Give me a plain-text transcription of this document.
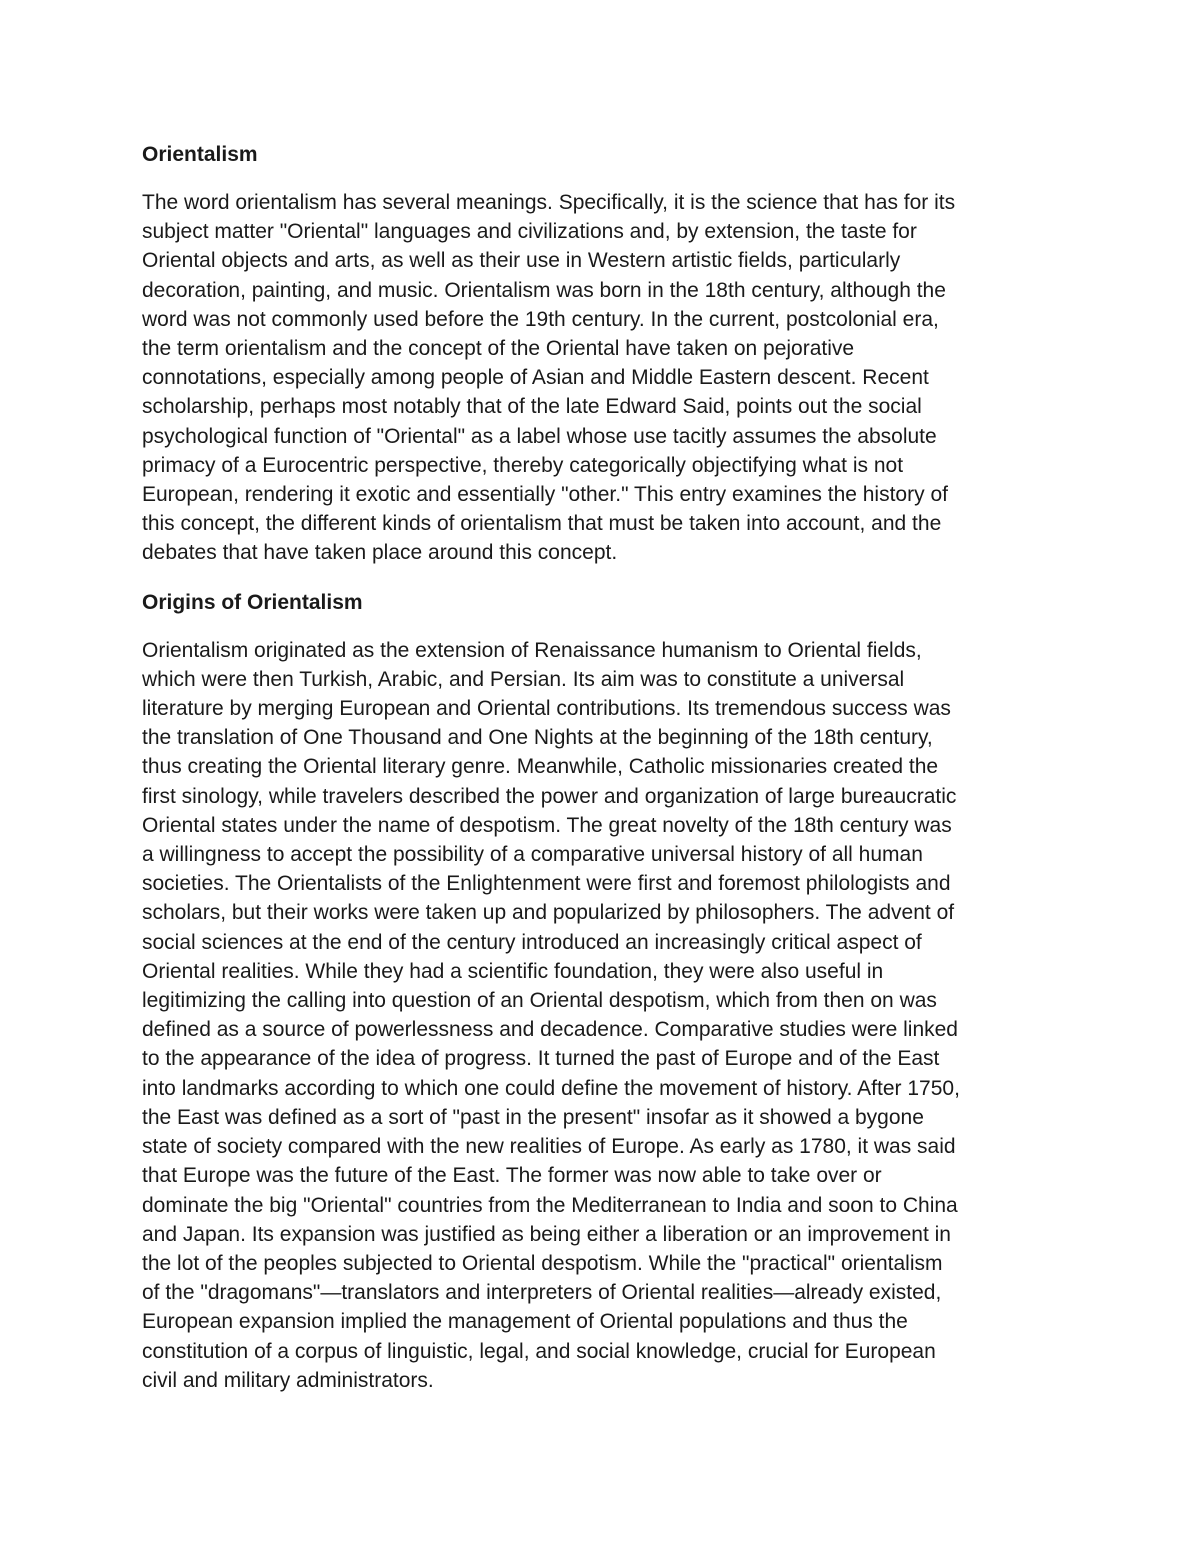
Orientalism

The word orientalism has several meanings. Specifically, it is the science that has for its
subject matter "Oriental" languages and civilizations and, by extension, the taste for
Oriental objects and arts, as well as their use in Western artistic fields, particularly
decoration, painting, and music. Orientalism was born in the 18th century, although the
word was not commonly used before the 19th century. In the current, postcolonial era,
the term orientalism and the concept of the Oriental have taken on pejorative
connotations, especially among people of Asian and Middle Eastern descent. Recent
scholarship, perhaps most notably that of the late Edward Said, points out the social
psychological function of "Oriental" as a label whose use tacitly assumes the absolute
primacy of a Eurocentric perspective, thereby categorically objectifying what is not
European, rendering it exotic and essentially "other." This entry examines the history of
this concept, the different kinds of orientalism that must be taken into account, and the
debates that have taken place around this concept.

Origins of Orientalism

Orientalism originated as the extension of Renaissance humanism to Oriental fields,
which were then Turkish, Arabic, and Persian. Its aim was to constitute a universal
literature by merging European and Oriental contributions. Its tremendous success was
the translation of One Thousand and One Nights at the beginning of the 18th century,
thus creating the Oriental literary genre. Meanwhile, Catholic missionaries created the
first sinology, while travelers described the power and organization of large bureaucratic
Oriental states under the name of despotism. The great novelty of the 18th century was
a willingness to accept the possibility of a comparative universal history of all human
societies. The Orientalists of the Enlightenment were first and foremost philologists and
scholars, but their works were taken up and popularized by philosophers. The advent of
social sciences at the end of the century introduced an increasingly critical aspect of
Oriental realities. While they had a scientific foundation, they were also useful in
legitimizing the calling into question of an Oriental despotism, which from then on was
defined as a source of powerlessness and decadence. Comparative studies were linked
to the appearance of the idea of progress. It turned the past of Europe and of the East
into landmarks according to which one could define the movement of history. After 1750,
the East was defined as a sort of "past in the present" insofar as it showed a bygone
state of society compared with the new realities of Europe. As early as 1780, it was said
that Europe was the future of the East. The former was now able to take over or
dominate the big "Oriental" countries from the Mediterranean to India and soon to China
and Japan. Its expansion was justified as being either a liberation or an improvement in
the lot of the peoples subjected to Oriental despotism. While the "practical" orientalism
of the "dragomans"—translators and interpreters of Oriental realities—already existed,
European expansion implied the management of Oriental populations and thus the
constitution of a corpus of linguistic, legal, and social knowledge, crucial for European
civil and military administrators.
